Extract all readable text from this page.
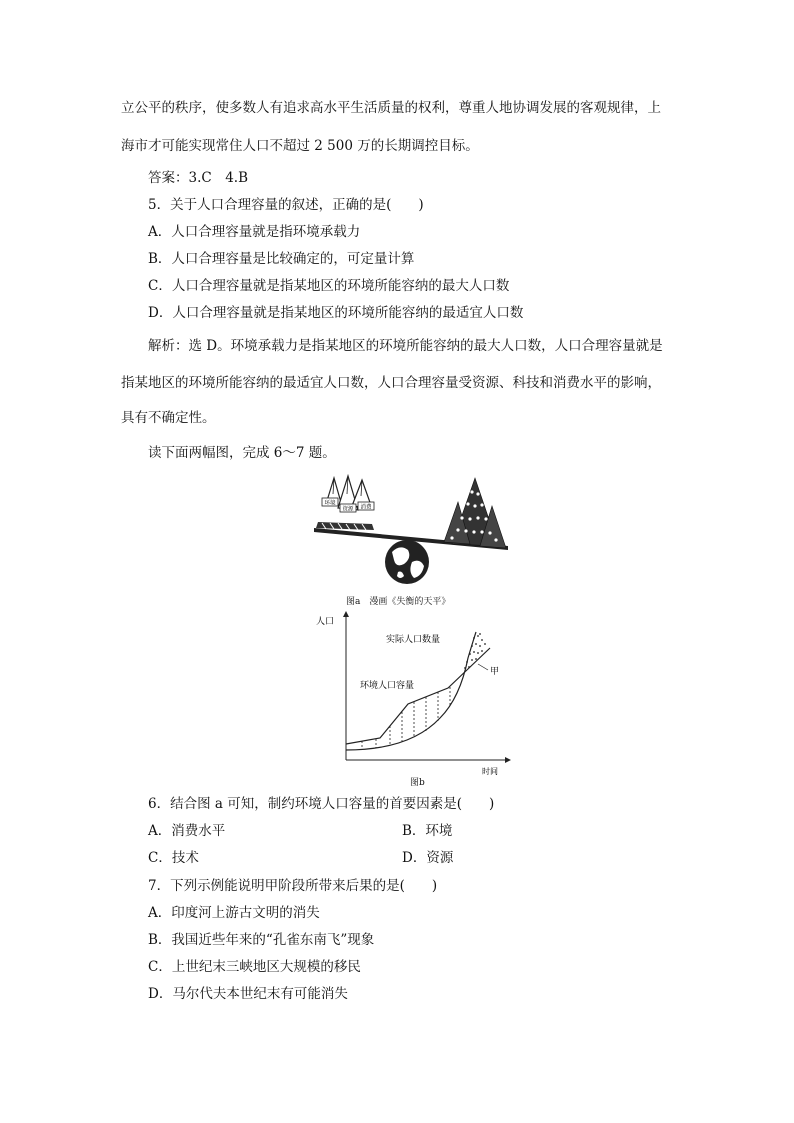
立公平的秩序，使多数人有追求高水平生活质量的权利，尊重人地协调发展的客观规律，上
海市才可能实现常住人口不超过 2 500 万的长期调控目标。
答案：3.C　4.B
5．关于人口合理容量的叙述，正确的是(　　)
A．人口合理容量就是指环境承载力
B．人口合理容量是比较确定的，可定量计算
C．人口合理容量就是指某地区的环境所能容纳的最大人口数
D．人口合理容量就是指某地区的环境所能容纳的最适宜人口数
解析：选 D。环境承载力是指某地区的环境所能容纳的最大人口数，人口合理容量就是
指某地区的环境所能容纳的最适宜人口数，人口合理容量受资源、科技和消费水平的影响，
具有不确定性。
读下面两幅图，完成 6～7 题。
环境
资源 消费
图a　漫画《失衡的天平》
人口
时间
实际人口数量
环境人口容量
甲
图b
6．结合图 a 可知，制约环境人口容量的首要因素是(　　)
A．消费水平	B．环境
C．技术	D．资源
7．下列示例能说明甲阶段所带来后果的是(　　)
A．印度河上游古文明的消失
B．我国近些年来的“孔雀东南飞”现象
C．上世纪末三峡地区大规模的移民
D．马尔代夫本世纪末有可能消失
